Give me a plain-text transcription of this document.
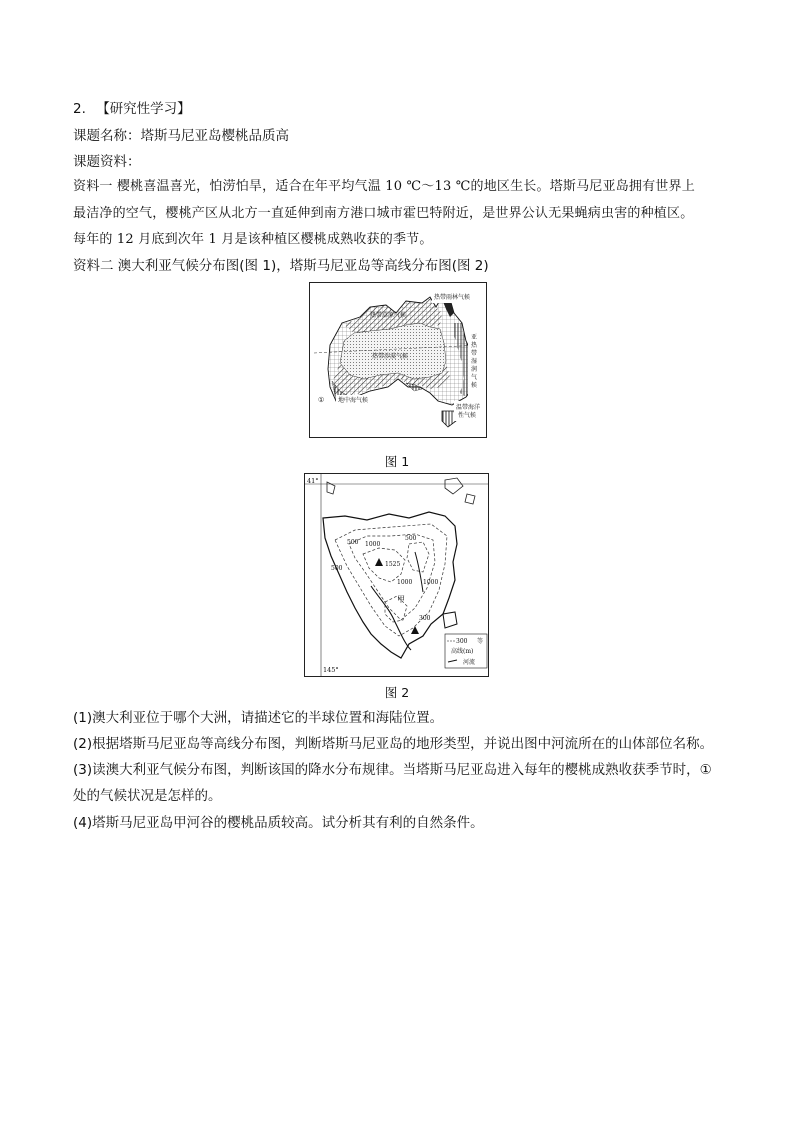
2. 【研究性学习】
课题名称：塔斯马尼亚岛樱桃品质高
课题资料：
资料一 樱桃喜温喜光，怕涝怕旱，适合在年平均气温 10 ℃～13 ℃的地区生长。塔斯马尼亚岛拥有世界上
最洁净的空气，樱桃产区从北方一直延伸到南方港口城市霍巴特附近，是世界公认无果蝇病虫害的种植区。
每年的 12 月底到次年 1 月是该种植区樱桃成熟收获的季节。
资料二 澳大利亚气候分布图(图 1)，塔斯马尼亚岛等高线分布图(图 2)
热带雨林气候
热带草原气候
热带沙漠气候
亚
热
带
湿
润
气
候
① 地中海气候
温带海洋
性气候
图 1
41°
145°
500 1000
1525
1000
500
300
500
1000
甲
300 等
高线(m)
河流
图 2
(1)澳大利亚位于哪个大洲，请描述它的半球位置和海陆位置。
(2)根据塔斯马尼亚岛等高线分布图，判断塔斯马尼亚岛的地形类型，并说出图中河流所在的山体部位名称。
(3)读澳大利亚气候分布图，判断该国的降水分布规律。当塔斯马尼亚岛进入每年的樱桃成熟收获季节时，①
处的气候状况是怎样的。
(4)塔斯马尼亚岛甲河谷的樱桃品质较高。试分析其有利的自然条件。
